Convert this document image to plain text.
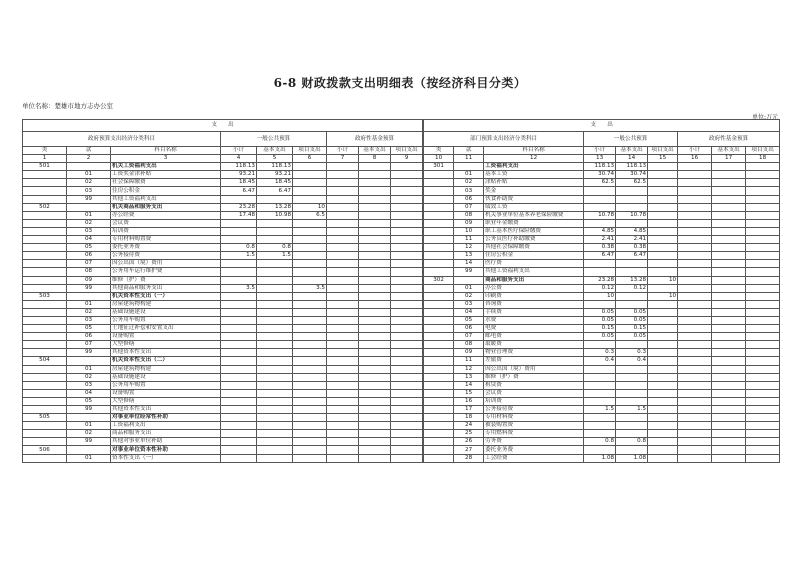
6-8 财政拨款支出明细表（按经济科目分类）
单位名称：楚雄市地方志办公室
单位:万元
支　　出								
政府预算支出经济分类科目			一般公共预算			政府性基金预算		
类	款	科目名称	小计	基本支出	项目支出	小计	基本支出	项目支出
1	2	3	4	5	6	7	8	9
501		机关工资福利支出	118.13	118.13				
	01	工资奖金津补贴	93.21	93.21				
	02	社会保障缴费	18.45	18.45				
	03	住房公积金	6.47	6.47				
	99	其他工资福利支出						
502		机关商品和服务支出	23.28	13.28	10			
	01	办公经费	17.48	10.98	6.5			
	02	会议费						
	03	培训费						
	04	专用材料购置费						
	05	委托业务费	0.8	0.8				
	06	公务接待费	1.5	1.5				
	07	因公出国（境）费用						
	08	公务用车运行维护费						
	09	维修（护）费						
	99	其他商品和服务支出	3.5		3.5			
503		机关资本性支出（一）						
	01	房屋建筑物构建						
	02	基础设施建设						
	03	公务用车购置						
	05	土地征迁补偿和安置支出						
	06	设备购置						
	07	大型修缮						
	99	其他资本性支出						
504		机关资本性支出（二）						
	01	房屋建筑物构建						
	02	基础设施建设						
	03	公务用车购置						
	04	设备购置						
	05	大型修缮						
	99	其他资本性支出						
505		对事业单位经常性补助						
	01	工资福利支出						
	02	商品和服务支出						
	99	其他对事业单位补助						
506		对事业单位资本性补助						
	01	资本性支出（一）						
支　　出								
部门预算支出经济分类科目			一般公共预算			政府性基金预算		
类	款	科目名称	小计	基本支出	项目支出	小计	基本支出	项目支出
10	11	12	13	14	15	16	17	18
301		工资福利支出	118.13	118.13				
	01	基本工资	30.74	30.74				
	02	津贴补贴	62.5	62.5				
	03	奖金						
	06	伙食补助费						
	07	绩效工资						
	08	机关事业单位基本养老保险缴费	10.78	10.78				
	09	职业年金缴费						
	10	职工基本医疗保险缴费	4.85	4.85				
	11	公务员医疗补助缴费	2.41	2.41				
	12	其他社会保障缴费	0.38	0.38				
	13	住房公积金	6.47	6.47				
	14	医疗费						
	99	其他工资福利支出						
302		商品和服务支出	23.28	13.28	10			
	01	办公费	0.12	0.12				
	02	印刷费	10		10			
	03	咨询费						
	04	手续费	0.05	0.05				
	05	水费	0.05	0.05				
	06	电费	0.15	0.15				
	07	邮电费	0.05	0.05				
	08	取暖费						
	09	物业管理费	0.3	0.3				
	11	差旅费	0.4	0.4				
	12	因公出国（境）费用						
	13	维修（护）费						
	14	租赁费						
	15	会议费						
	16	培训费						
	17	公务接待费	1.5	1.5				
	18	专用材料费						
	24	被装购置费						
	25	专用燃料费						
	26	劳务费	0.8	0.8				
	27	委托业务费						
	28	工会经费	1.08	1.08				
